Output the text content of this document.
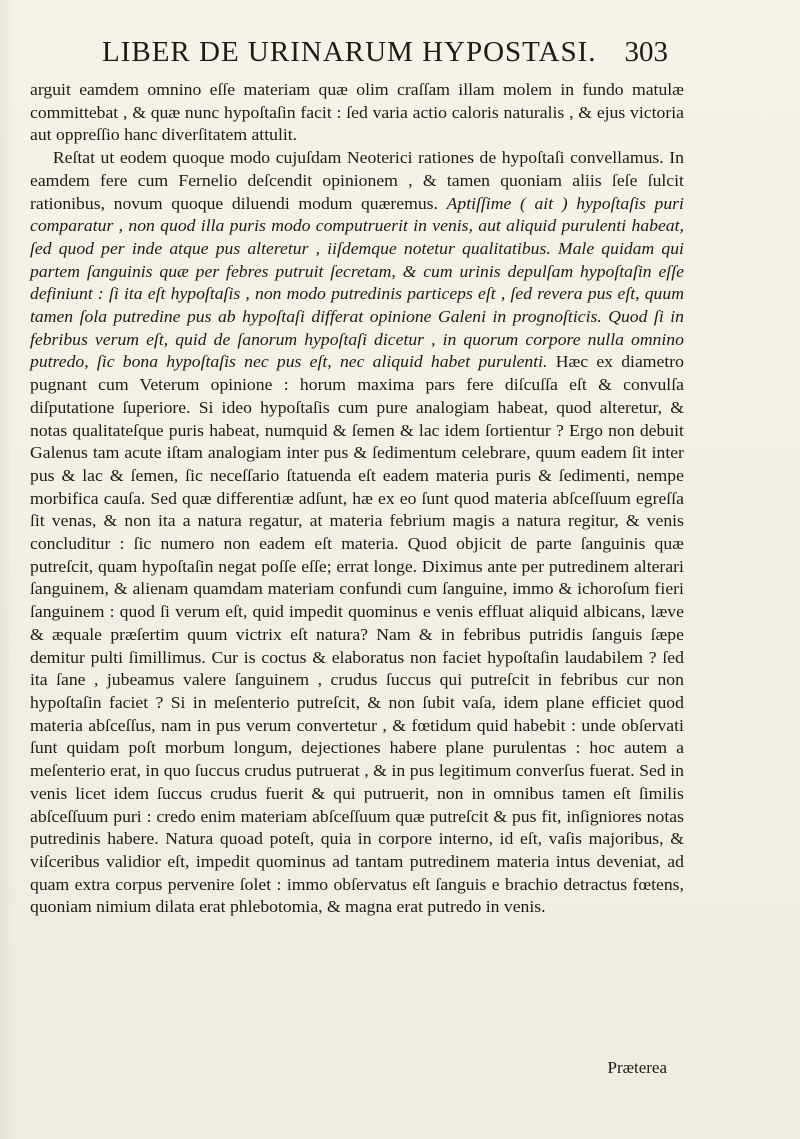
LIBER DE URINARUM HYPOSTASI. 303

arguit eamdem omnino eſſe materiam quæ olim craſſam illam molem in fundo matulæ committebat , & quæ nunc hypoſtaſin facit : ſed varia actio caloris naturalis , & ejus victoria aut oppreſſio hanc diverſitatem attulit.

Reſtat ut eodem quoque modo cujuſdam Neoterici rationes de hypoſtaſi convellamus. In eamdem fere cum Fernelio deſcendit opinionem , & tamen quoniam aliis ſeſe ſulcit rationibus, novum quoque diluendi modum quæremus. Aptiſſime ( ait ) hypoſtaſis puri comparatur , non quod illa puris modo computruerit in venis, aut aliquid purulenti habeat, ſed quod per inde atque pus alteretur , iiſdemque notetur qualitatibus. Male quidam qui partem ſanguinis quæ per febres putruit ſecretam, & cum urinis depulſam hypoſtaſin eſſe definiunt : ſi ita eſt hypoſtaſis , non modo putredinis particeps eſt , ſed revera pus eſt, quum tamen ſola putredine pus ab hypoſtaſi differat opinione Galeni in prognoſticis. Quod ſi in febribus verum eſt, quid de ſanorum hypoſtaſi dicetur , in quorum corpore nulla omnino putredo, ſic bona hypoſtaſis nec pus eſt, nec aliquid habet purulenti. Hæc ex diametro pugnant cum Veterum opinione : horum maxima pars fere diſcuſſa eſt & convulſa diſputatione ſuperiore. Si ideo hypoſtaſis cum pure analogiam habeat, quod alteretur, & notas qualitateſque puris habeat, numquid & ſemen & lac idem ſortientur ? Ergo non debuit Galenus tam acute iſtam analogiam inter pus & ſedimentum celebrare, quum eadem ſit inter pus & lac & ſemen, ſic neceſſario ſtatuenda eſt eadem materia puris & ſedimenti, nempe morbifica cauſa. Sed quæ differentiæ adſunt, hæ ex eo ſunt quod materia abſceſſuum egreſſa ſit venas, & non ita a natura regatur, at materia febrium magis a natura regitur, & venis concluditur : ſic numero non eadem eſt materia. Quod objicit de parte ſanguinis quæ putreſcit, quam hypoſtaſin negat poſſe eſſe; errat longe. Diximus ante per putredinem alterari ſanguinem, & alienam quamdam materiam confundi cum ſanguine, immo & ichoroſum fieri ſanguinem : quod ſi verum eſt, quid impedit quominus e venis effluat aliquid albicans, læve & æquale præſertim quum victrix eſt natura? Nam & in febribus putridis ſanguis ſæpe demitur pulti ſimillimus. Cur is coctus & elaboratus non faciet hypoſtaſin laudabilem ? ſed ita ſane , jubeamus valere ſanguinem , crudus ſuccus qui putreſcit in febribus cur non hypoſtaſin faciet ? Si in meſenterio putreſcit, & non ſubit vaſa, idem plane efficiet quod materia abſceſſus, nam in pus verum convertetur , & fœtidum quid habebit : unde obſervati ſunt quidam poſt morbum longum, dejectiones habere plane purulentas : hoc autem a meſenterio erat, in quo ſuccus crudus putruerat , & in pus legitimum converſus fuerat. Sed in venis licet idem ſuccus crudus fuerit & qui putruerit, non in omnibus tamen eſt ſimilis abſceſſuum puri : credo enim materiam abſceſſuum quæ putreſcit & pus fit, inſigniores notas putredinis habere. Natura quoad poteſt, quia in corpore interno, id eſt, vaſis majoribus, & viſceribus validior eſt, impedit quominus ad tantam putredinem materia intus deveniat, ad quam extra corpus pervenire ſolet : immo obſervatus eſt ſanguis e brachio detractus fœtens, quoniam nimium dilata erat phlebotomia, & magna erat putredo in venis.

Præterea
